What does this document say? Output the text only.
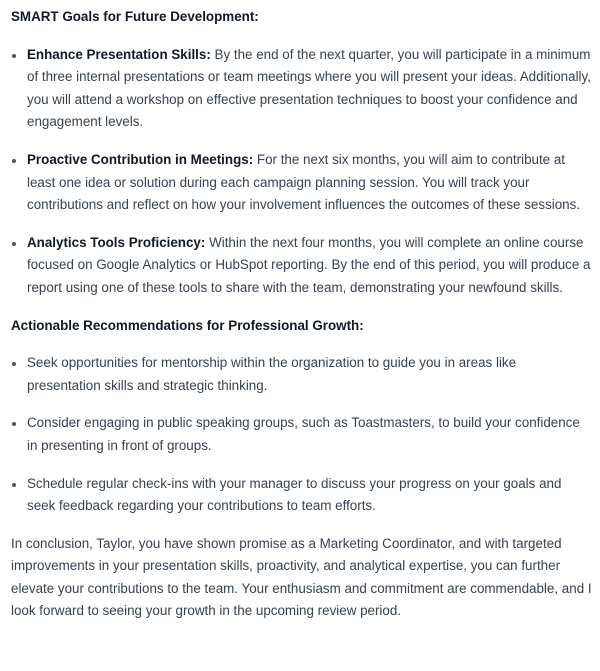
SMART Goals for Future Development:

Enhance Presentation Skills: By the end of the next quarter, you will participate in a minimum of three internal presentations or team meetings where you will present your ideas. Additionally, you will attend a workshop on effective presentation techniques to boost your confidence and engagement levels.
Proactive Contribution in Meetings: For the next six months, you will aim to contribute at least one idea or solution during each campaign planning session. You will track your contributions and reflect on how your involvement influences the outcomes of these sessions.
Analytics Tools Proficiency: Within the next four months, you will complete an online course focused on Google Analytics or HubSpot reporting. By the end of this period, you will produce a report using one of these tools to share with the team, demonstrating your newfound skills.

Actionable Recommendations for Professional Growth:

Seek opportunities for mentorship within the organization to guide you in areas like presentation skills and strategic thinking.
Consider engaging in public speaking groups, such as Toastmasters, to build your confidence in presenting in front of groups.
Schedule regular check-ins with your manager to discuss your progress on your goals and seek feedback regarding your contributions to team efforts.

In conclusion, Taylor, you have shown promise as a Marketing Coordinator, and with targeted improvements in your presentation skills, proactivity, and analytical expertise, you can further elevate your contributions to the team. Your enthusiasm and commitment are commendable, and I look forward to seeing your growth in the upcoming review period.
